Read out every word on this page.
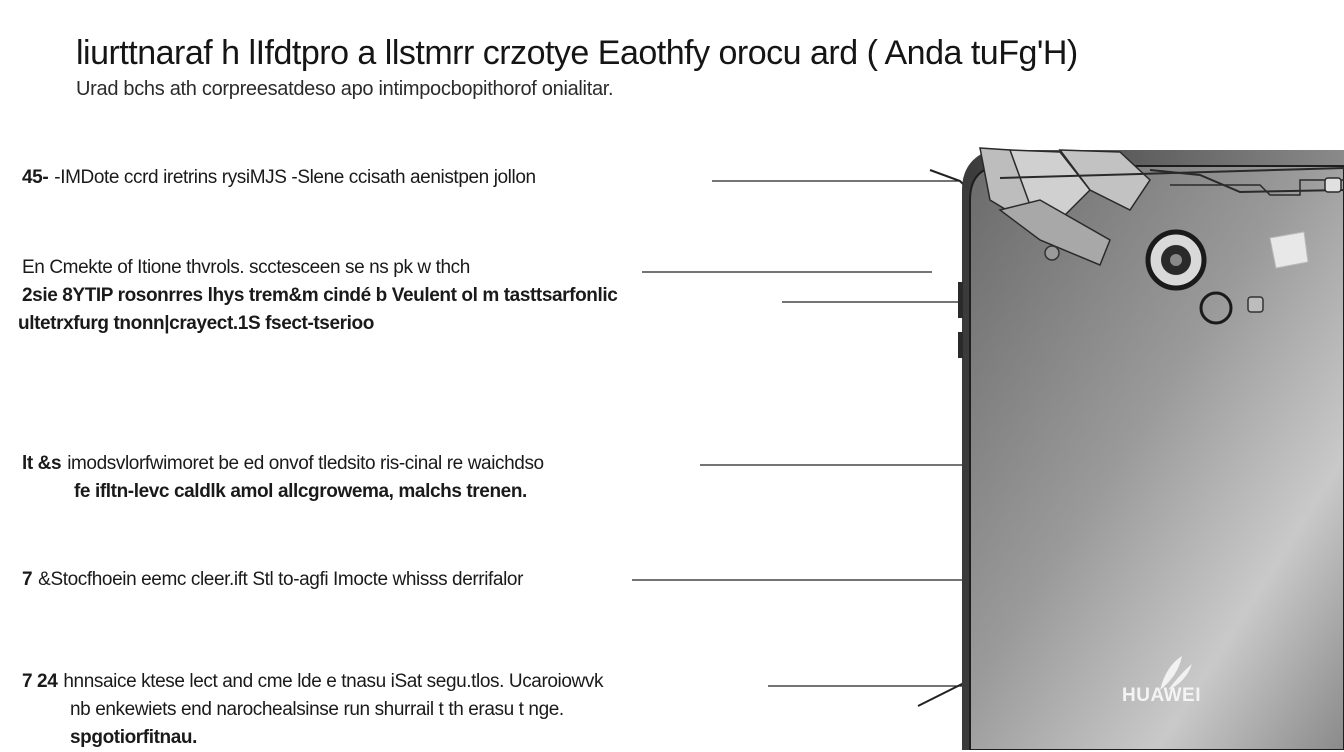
liurttnaraf h lIfdtpro a llstmrr crzotye Eaothfy orocu ard ( Anda tuFg'H)
Urad bchs ath corpreesatdeso apo intimpocbopithorof onialitar.
45- -IMDote ccrd iretrins rysiMJS -Slene ccisath aenistpen jollon
En Cmekte of Itione thvrols. scctesceen se ns pk w thch
2sie 8YTIP rosonrres lhys trem&m cindé b Veulent ol m tasttsarfonlic
ultetrxfurg tnonn|crayect.1S fsect-tserioo
lt &s imodsvlorfwimoret be ed onvof tledsito ris-cinal re waichdso
fe ifltn-levc caldlk amol allcgrowema, malchs trenen.
7 &Stocfhoein eemc cleer.ift Stl to-agfi Imocte whisss derrifalor
7 24 hnnsaice ktese lect and cme lde e tnasu iSat segu.tlos. Ucaroiowvk
nb enkewiets end narochealsinse run shurrail t th erasu t nge.
spgotiorfitnau.
HUAWEI
